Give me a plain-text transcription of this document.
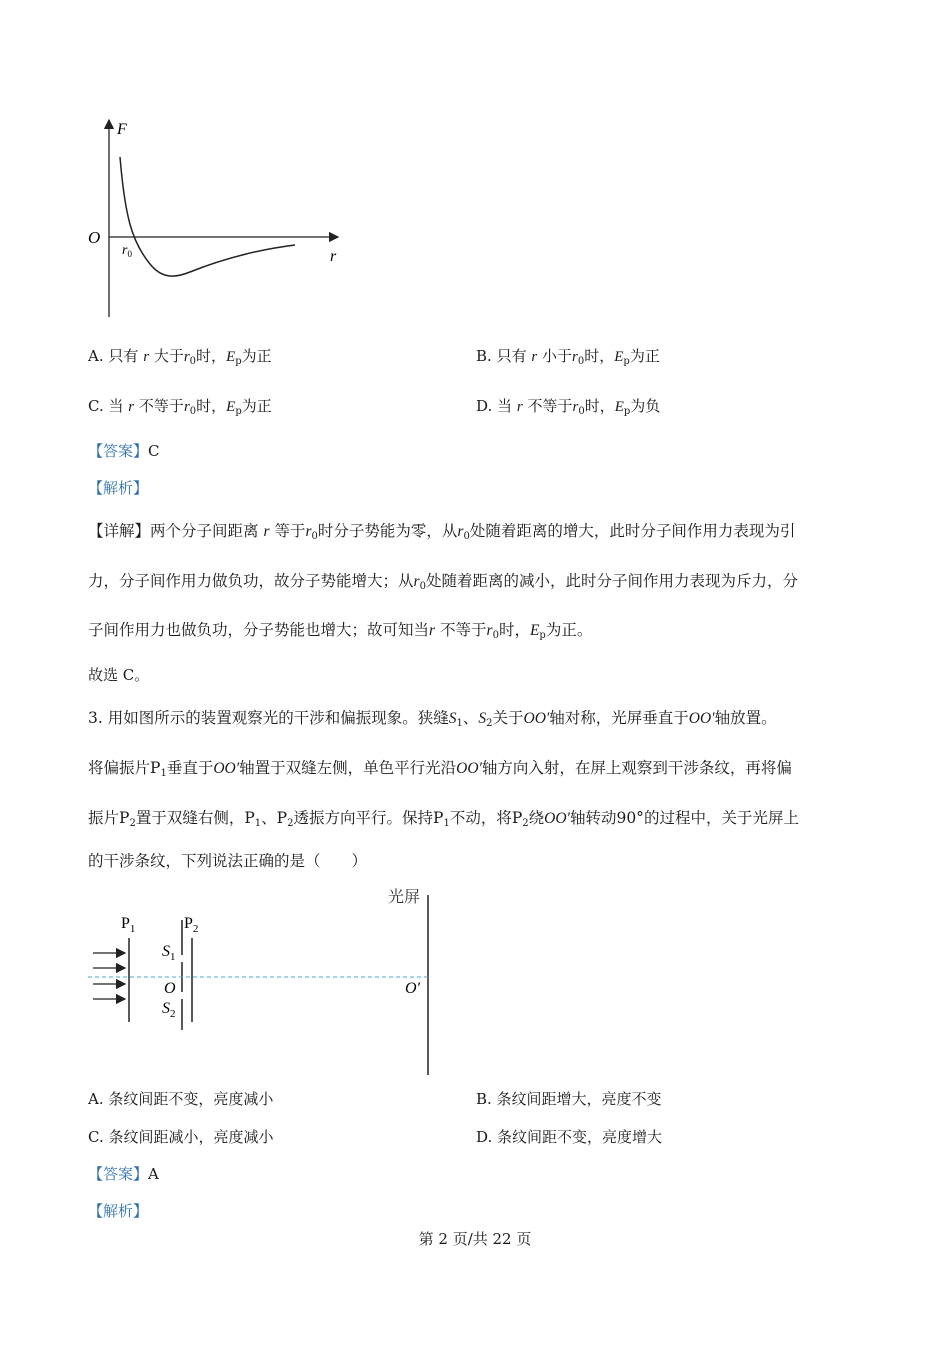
F
O
r
$r_0$
A. 只有 r 大于$r_0$时，$E_p$为正	B. 只有 r 小于$r_0$时，$E_p$为正
C. 当 r 不等于$r_0$时，$E_p$为正	D. 当 r 不等于$r_0$时，$E_p$为负
【答案】C
【解析】
【详解】两个分子间距离 r 等于$r_0$时分子势能为零，从$r_0$处随着距离的增大，此时分子间作用力表现为引
力，分子间作用力做负功，故分子势能增大；从$r_0$处随着距离的减小，此时分子间作用力表现为斥力，分
子间作用力也做负功，分子势能也增大；故可知当r 不等于$r_0$时，$E_p$为正。
故选 C。
3. 用如图所示的装置观察光的干涉和偏振现象。狭缝$S_1$、$S_2$关于OO′轴对称，光屏垂直于OO′轴放置。
将偏振片$P_1$垂直于OO′轴置于双缝左侧，单色平行光沿OO′轴方向入射，在屏上观察到干涉条纹，再将偏
振片$P_2$置于双缝右侧，$P_1$、$P_2$透振方向平行。保持$P_1$不动，将$P_2$绕OO′轴转动90°的过程中，关于光屏上
的干涉条纹，下列说法正确的是（　　）
光屏
$P_1$	$P_2$
$S_1$
O
$S_2$
O′
A. 条纹间距不变，亮度减小	B. 条纹间距增大，亮度不变
C. 条纹间距减小，亮度减小	D. 条纹间距不变，亮度增大
【答案】A
【解析】
第 2 页/共 22 页
